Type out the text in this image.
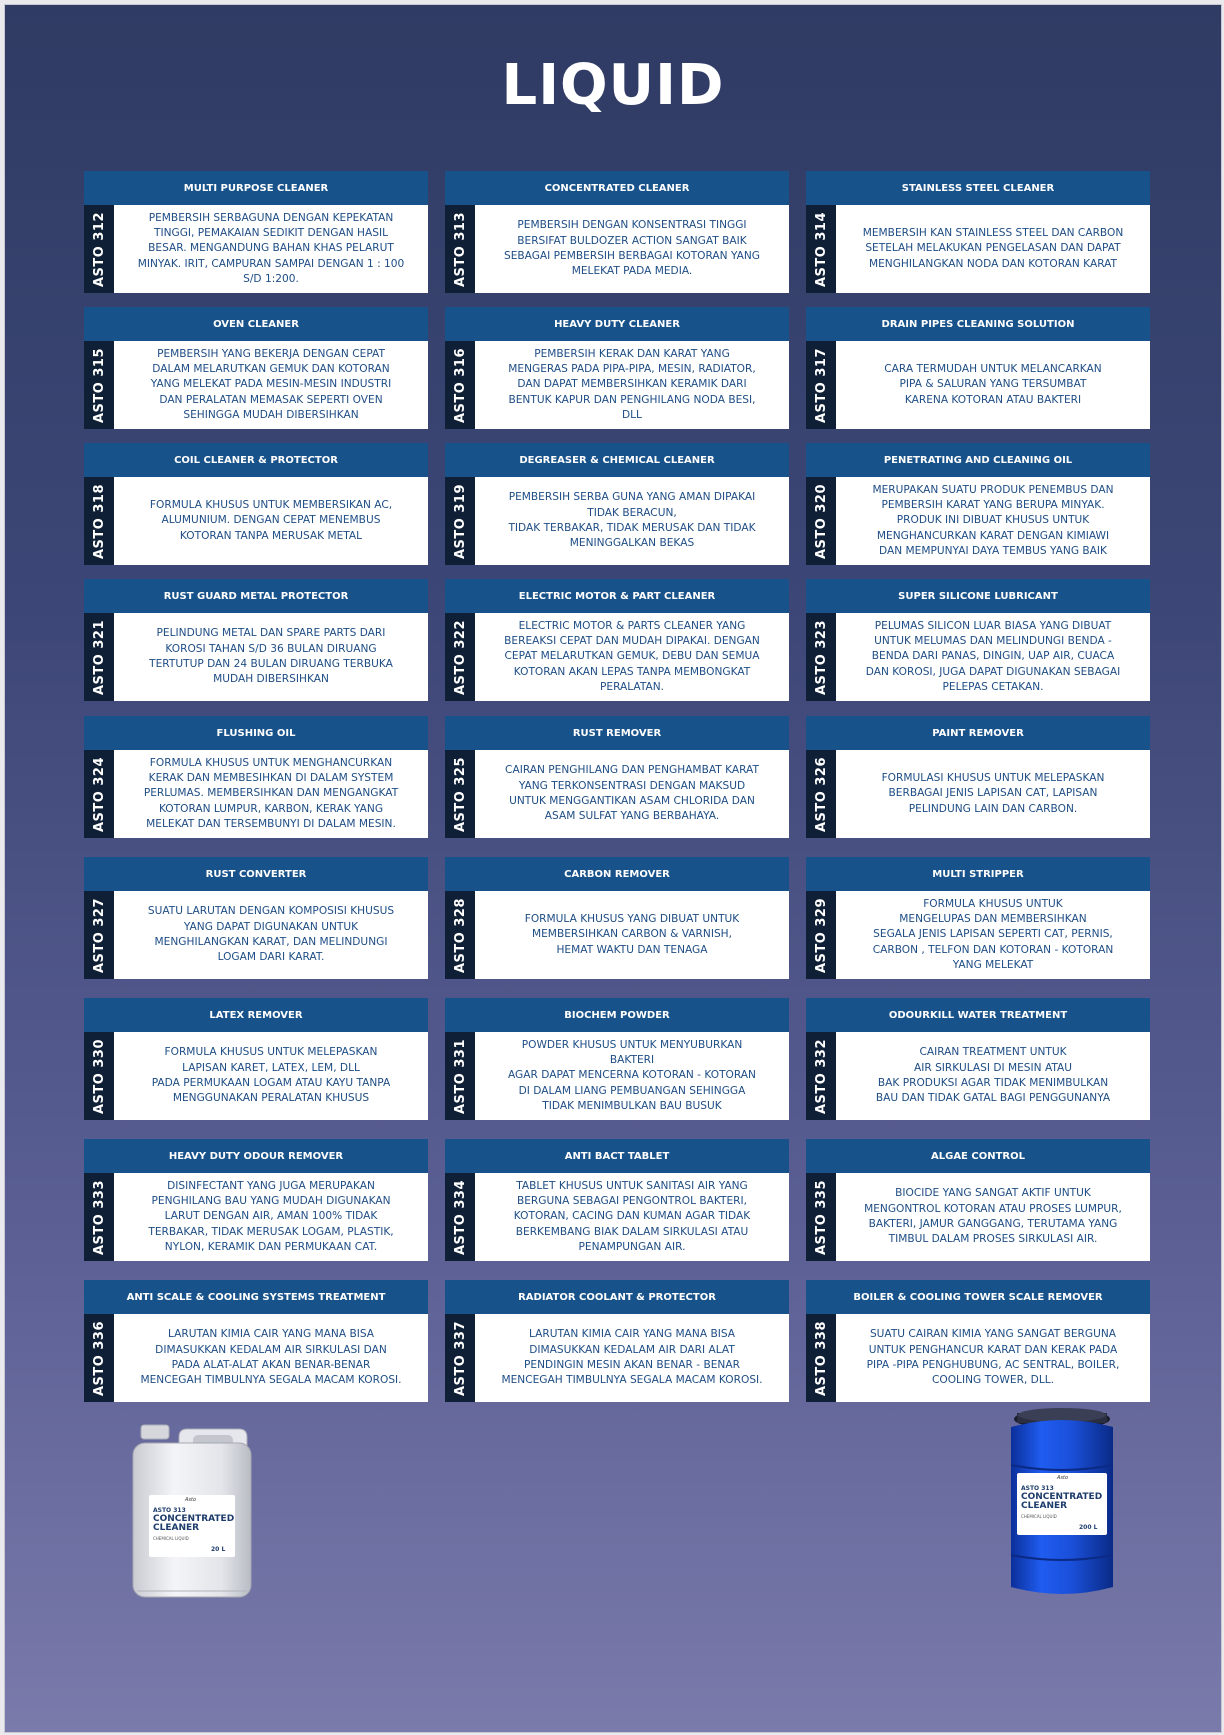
LIQUID
MULTI PURPOSE CLEANER
ASTO 312	PEMBERSIH SERBAGUNA DENGAN KEPEKATAN
TINGGI, PEMAKAIAN SEDIKIT DENGAN HASIL
BESAR. MENGANDUNG BAHAN KHAS PELARUT
MINYAK. IRIT, CAMPURAN SAMPAI DENGAN 1 : 100
S/D 1:200.
CONCENTRATED CLEANER
ASTO 313	PEMBERSIH DENGAN KONSENTRASI TINGGI
BERSIFAT BULDOZER ACTION SANGAT BAIK
SEBAGAI PEMBERSIH BERBAGAI KOTORAN YANG
MELEKAT PADA MEDIA.
STAINLESS STEEL CLEANER
ASTO 314	MEMBERSIH KAN STAINLESS STEEL DAN CARBON
SETELAH MELAKUKAN PENGELASAN DAN DAPAT
MENGHILANGKAN NODA DAN KOTORAN KARAT
OVEN CLEANER
ASTO 315	PEMBERSIH YANG BEKERJA DENGAN CEPAT
DALAM MELARUTKAN GEMUK DAN KOTORAN
YANG MELEKAT PADA MESIN-MESIN INDUSTRI
DAN PERALATAN MEMASAK SEPERTI OVEN
SEHINGGA MUDAH DIBERSIHKAN
HEAVY DUTY CLEANER
ASTO 316	PEMBERSIH KERAK DAN KARAT YANG
MENGERAS PADA PIPA-PIPA, MESIN, RADIATOR,
DAN DAPAT MEMBERSIHKAN KERAMIK DARI
BENTUK KAPUR DAN PENGHILANG NODA BESI,
DLL
DRAIN PIPES CLEANING SOLUTION
ASTO 317	CARA TERMUDAH UNTUK MELANCARKAN
PIPA & SALURAN YANG TERSUMBAT
KARENA KOTORAN ATAU BAKTERI
COIL CLEANER & PROTECTOR
ASTO 318	FORMULA KHUSUS UNTUK MEMBERSIKAN AC,
ALUMUNIUM. DENGAN CEPAT MENEMBUS
KOTORAN TANPA MERUSAK METAL
DEGREASER & CHEMICAL CLEANER
ASTO 319	PEMBERSIH SERBA GUNA YANG AMAN DIPAKAI
TIDAK BERACUN,
TIDAK TERBAKAR, TIDAK MERUSAK DAN TIDAK
MENINGGALKAN BEKAS
PENETRATING AND CLEANING OIL
ASTO 320	MERUPAKAN SUATU PRODUK PENEMBUS DAN
PEMBERSIH KARAT YANG BERUPA MINYAK.
PRODUK INI DIBUAT KHUSUS UNTUK
MENGHANCURKAN KARAT DENGAN KIMIAWI
DAN MEMPUNYAI DAYA TEMBUS YANG BAIK
RUST GUARD METAL PROTECTOR
ASTO 321	PELINDUNG METAL DAN SPARE PARTS DARI
KOROSI TAHAN S/D 36 BULAN DIRUANG
TERTUTUP DAN 24 BULAN DIRUANG TERBUKA
MUDAH DIBERSIHKAN
ELECTRIC MOTOR & PART CLEANER
ASTO 322	ELECTRIC MOTOR & PARTS CLEANER YANG
BEREAKSI CEPAT DAN MUDAH DIPAKAI. DENGAN
CEPAT MELARUTKAN GEMUK, DEBU DAN SEMUA
KOTORAN AKAN LEPAS TANPA MEMBONGKAT
PERALATAN.
SUPER SILICONE LUBRICANT
ASTO 323	PELUMAS SILICON LUAR BIASA YANG DIBUAT
UNTUK MELUMAS DAN MELINDUNGI BENDA -
BENDA DARI PANAS, DINGIN, UAP AIR, CUACA
DAN KOROSI, JUGA DAPAT DIGUNAKAN SEBAGAI
PELEPAS CETAKAN.
FLUSHING OIL
ASTO 324	FORMULA KHUSUS UNTUK MENGHANCURKAN
KERAK DAN MEMBESIHKAN DI DALAM SYSTEM
PERLUMAS. MEMBERSIHKAN DAN MENGANGKAT
KOTORAN LUMPUR, KARBON, KERAK YANG
MELEKAT DAN TERSEMBUNYI DI DALAM MESIN.
RUST REMOVER
ASTO 325	CAIRAN PENGHILANG DAN PENGHAMBAT KARAT
YANG TERKONSENTRASI DENGAN MAKSUD
UNTUK MENGGANTIKAN ASAM CHLORIDA DAN
ASAM SULFAT YANG BERBAHAYA.
PAINT REMOVER
ASTO 326	FORMULASI KHUSUS UNTUK MELEPASKAN
BERBAGAI JENIS LAPISAN CAT, LAPISAN
PELINDUNG LAIN DAN CARBON.
RUST CONVERTER
ASTO 327	SUATU LARUTAN DENGAN KOMPOSISI KHUSUS
YANG DAPAT DIGUNAKAN UNTUK
MENGHILANGKAN KARAT, DAN MELINDUNGI
LOGAM DARI KARAT.
CARBON REMOVER
ASTO 328	FORMULA KHUSUS YANG DIBUAT UNTUK
MEMBERSIHKAN CARBON & VARNISH,
HEMAT WAKTU DAN TENAGA
MULTI STRIPPER
ASTO 329	FORMULA KHUSUS UNTUK
MENGELUPAS DAN MEMBERSIHKAN
SEGALA JENIS LAPISAN SEPERTI CAT, PERNIS,
CARBON , TELFON DAN KOTORAN - KOTORAN
YANG MELEKAT
LATEX REMOVER
ASTO 330	FORMULA KHUSUS UNTUK MELEPASKAN
LAPISAN KARET, LATEX, LEM, DLL
PADA PERMUKAAN LOGAM ATAU KAYU TANPA
MENGGUNAKAN PERALATAN KHUSUS
BIOCHEM POWDER
ASTO 331	POWDER KHUSUS UNTUK MENYUBURKAN
BAKTERI
AGAR DAPAT MENCERNA KOTORAN - KOTORAN
DI DALAM LIANG PEMBUANGAN SEHINGGA
TIDAK MENIMBULKAN BAU BUSUK
ODOURKILL WATER TREATMENT
ASTO 332	CAIRAN TREATMENT UNTUK
AIR SIRKULASI DI MESIN ATAU
BAK PRODUKSI AGAR TIDAK MENIMBULKAN
BAU DAN TIDAK GATAL BAGI PENGGUNANYA
HEAVY DUTY ODOUR REMOVER
ASTO 333	DISINFECTANT YANG JUGA MERUPAKAN
PENGHILANG BAU YANG MUDAH DIGUNAKAN
LARUT DENGAN AIR, AMAN 100% TIDAK
TERBAKAR, TIDAK MERUSAK LOGAM, PLASTIK,
NYLON, KERAMIK DAN PERMUKAAN CAT.
ANTI BACT TABLET
ASTO 334	TABLET KHUSUS UNTUK SANITASI AIR YANG
BERGUNA SEBAGAI PENGONTROL BAKTERI,
KOTORAN, CACING DAN KUMAN AGAR TIDAK
BERKEMBANG BIAK DALAM SIRKULASI ATAU
PENAMPUNGAN AIR.
ALGAE CONTROL
ASTO 335	BIOCIDE YANG SANGAT AKTIF UNTUK
MENGONTROL KOTORAN ATAU PROSES LUMPUR,
BAKTERI, JAMUR GANGGANG, TERUTAMA YANG
TIMBUL DALAM PROSES SIRKULASI AIR.
ANTI SCALE & COOLING SYSTEMS TREATMENT
ASTO 336	LARUTAN KIMIA CAIR YANG MANA BISA
DIMASUKKAN KEDALAM AIR SIRKULASI DAN
PADA ALAT-ALAT AKAN BENAR-BENAR
MENCEGAH TIMBULNYA SEGALA MACAM KOROSI.
RADIATOR COOLANT & PROTECTOR
ASTO 337	LARUTAN KIMIA CAIR YANG MANA BISA
DIMASUKKAN KEDALAM AIR DARI ALAT
PENDINGIN MESIN AKAN BENAR - BENAR
MENCEGAH TIMBULNYA SEGALA MACAM KOROSI.
BOILER & COOLING TOWER SCALE REMOVER
ASTO 338	SUATU CAIRAN KIMIA YANG SANGAT BERGUNA
UNTUK PENGHANCUR KARAT DAN KERAK PADA
PIPA -PIPA PENGHUBUNG, AC SENTRAL, BOILER,
COOLING TOWER, DLL.
Asto
ASTO 313
CONCENTRATED
CLEANER
CHEMICAL LIQUID
20 L
Asto
ASTO 313
CONCENTRATED
CLEANER
CHEMICAL LIQUID
200 L
